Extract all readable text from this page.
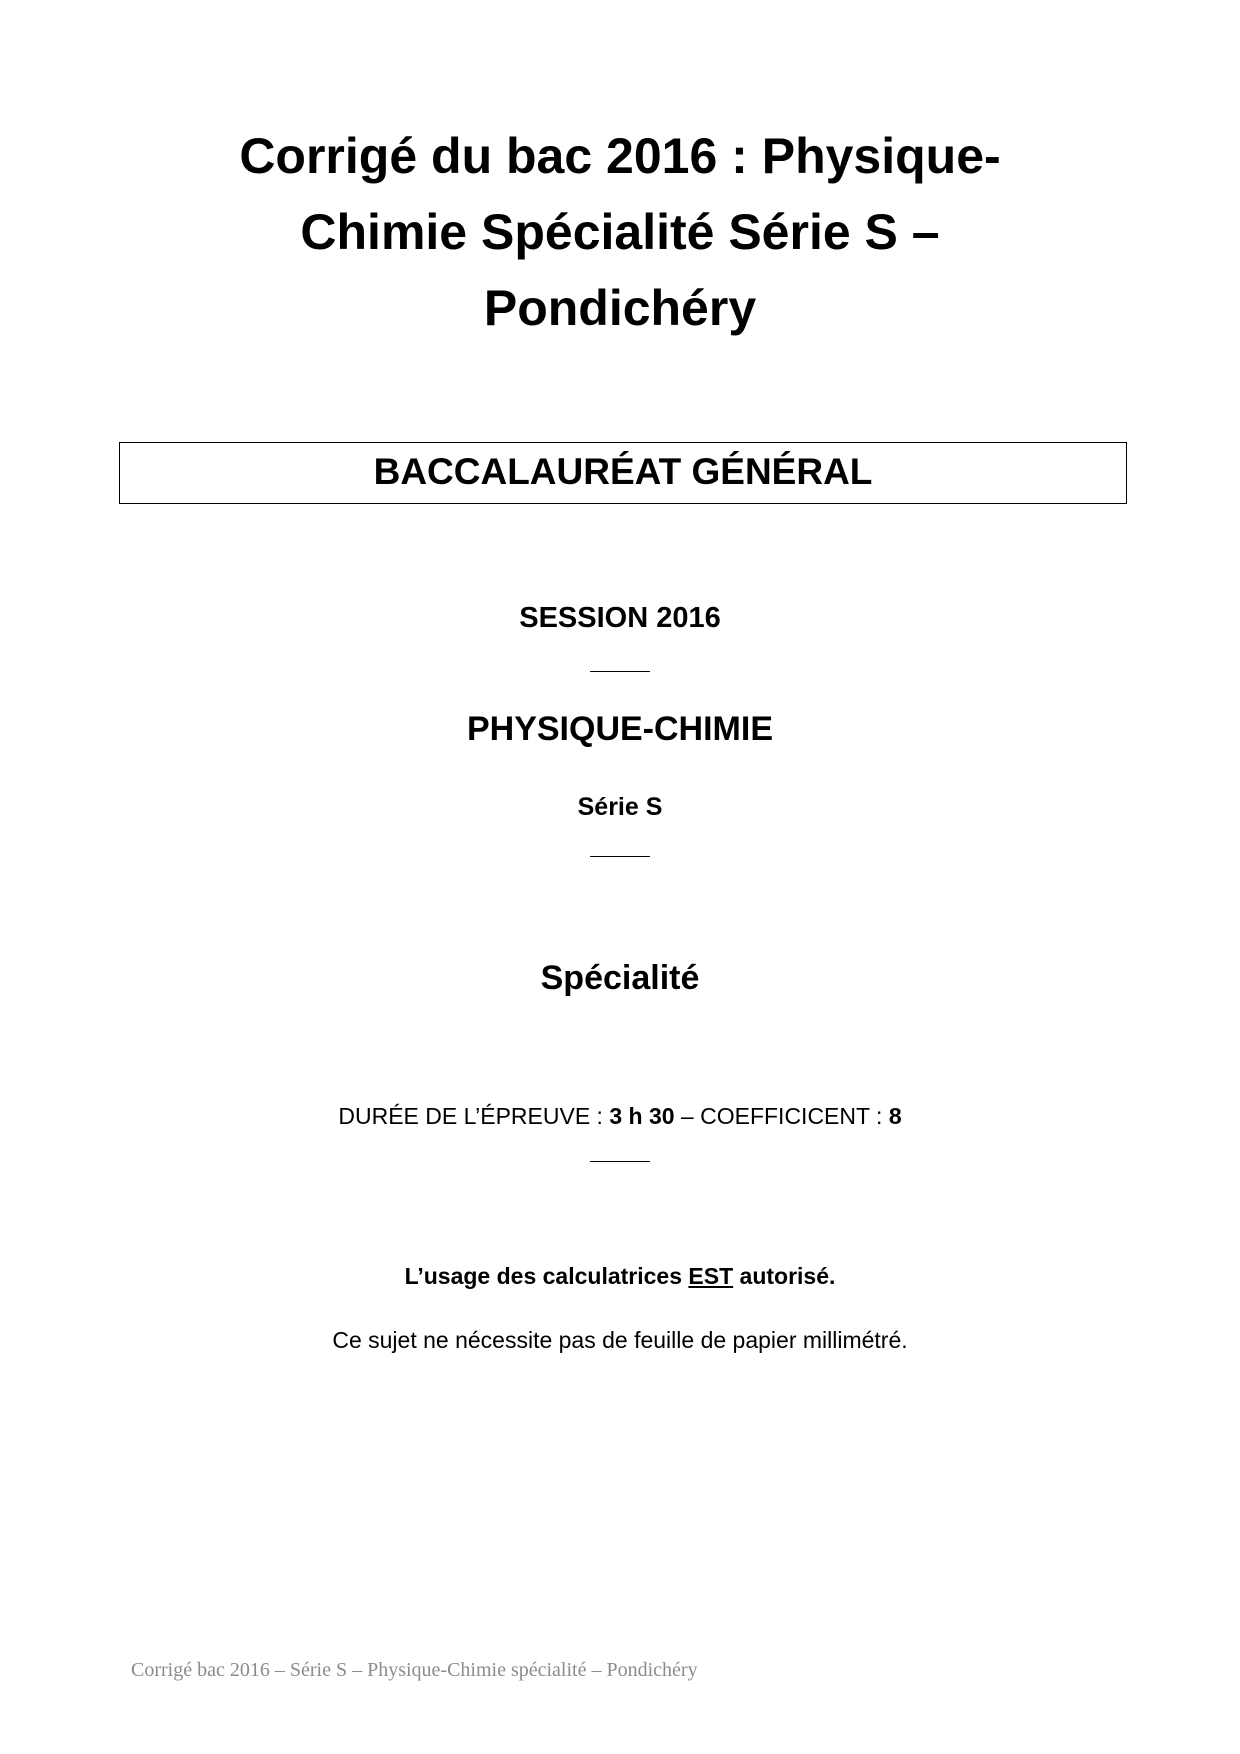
Corrigé du bac 2016 : Physique-
Chimie Spécialité Série S –
Pondichéry
BACCALAURÉAT GÉNÉRAL
SESSION 2016
PHYSIQUE-CHIMIE
Série S
Spécialité
DURÉE DE L’ÉPREUVE : 3 h 30 – COEFFICICENT : 8
L’usage des calculatrices EST autorisé.
Ce sujet ne nécessite pas de feuille de papier millimétré.
Corrigé bac 2016 – Série S – Physique-Chimie spécialité – Pondichéry
